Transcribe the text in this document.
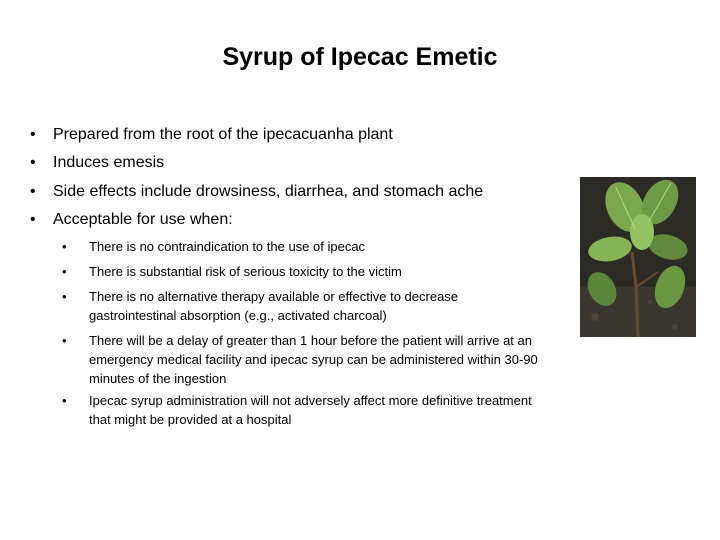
Syrup of Ipecac Emetic
• Prepared from the root of the ipecacuanha plant
• Induces emesis
• Side effects include drowsiness, diarrhea, and stomach ache
• Acceptable for use when:
• There is no contraindication to the use of ipecac
• There is substantial risk of serious toxicity to the victim
• There is no alternative therapy available or effective to decrease gastrointestinal absorption (e.g., activated charcoal)
• There will be a delay of greater than 1 hour before the patient will arrive at an emergency medical facility and ipecac syrup can be administered within 30-90 minutes of the ingestion
• Ipecac syrup administration will not adversely affect more definitive treatment that might be provided at a hospital
